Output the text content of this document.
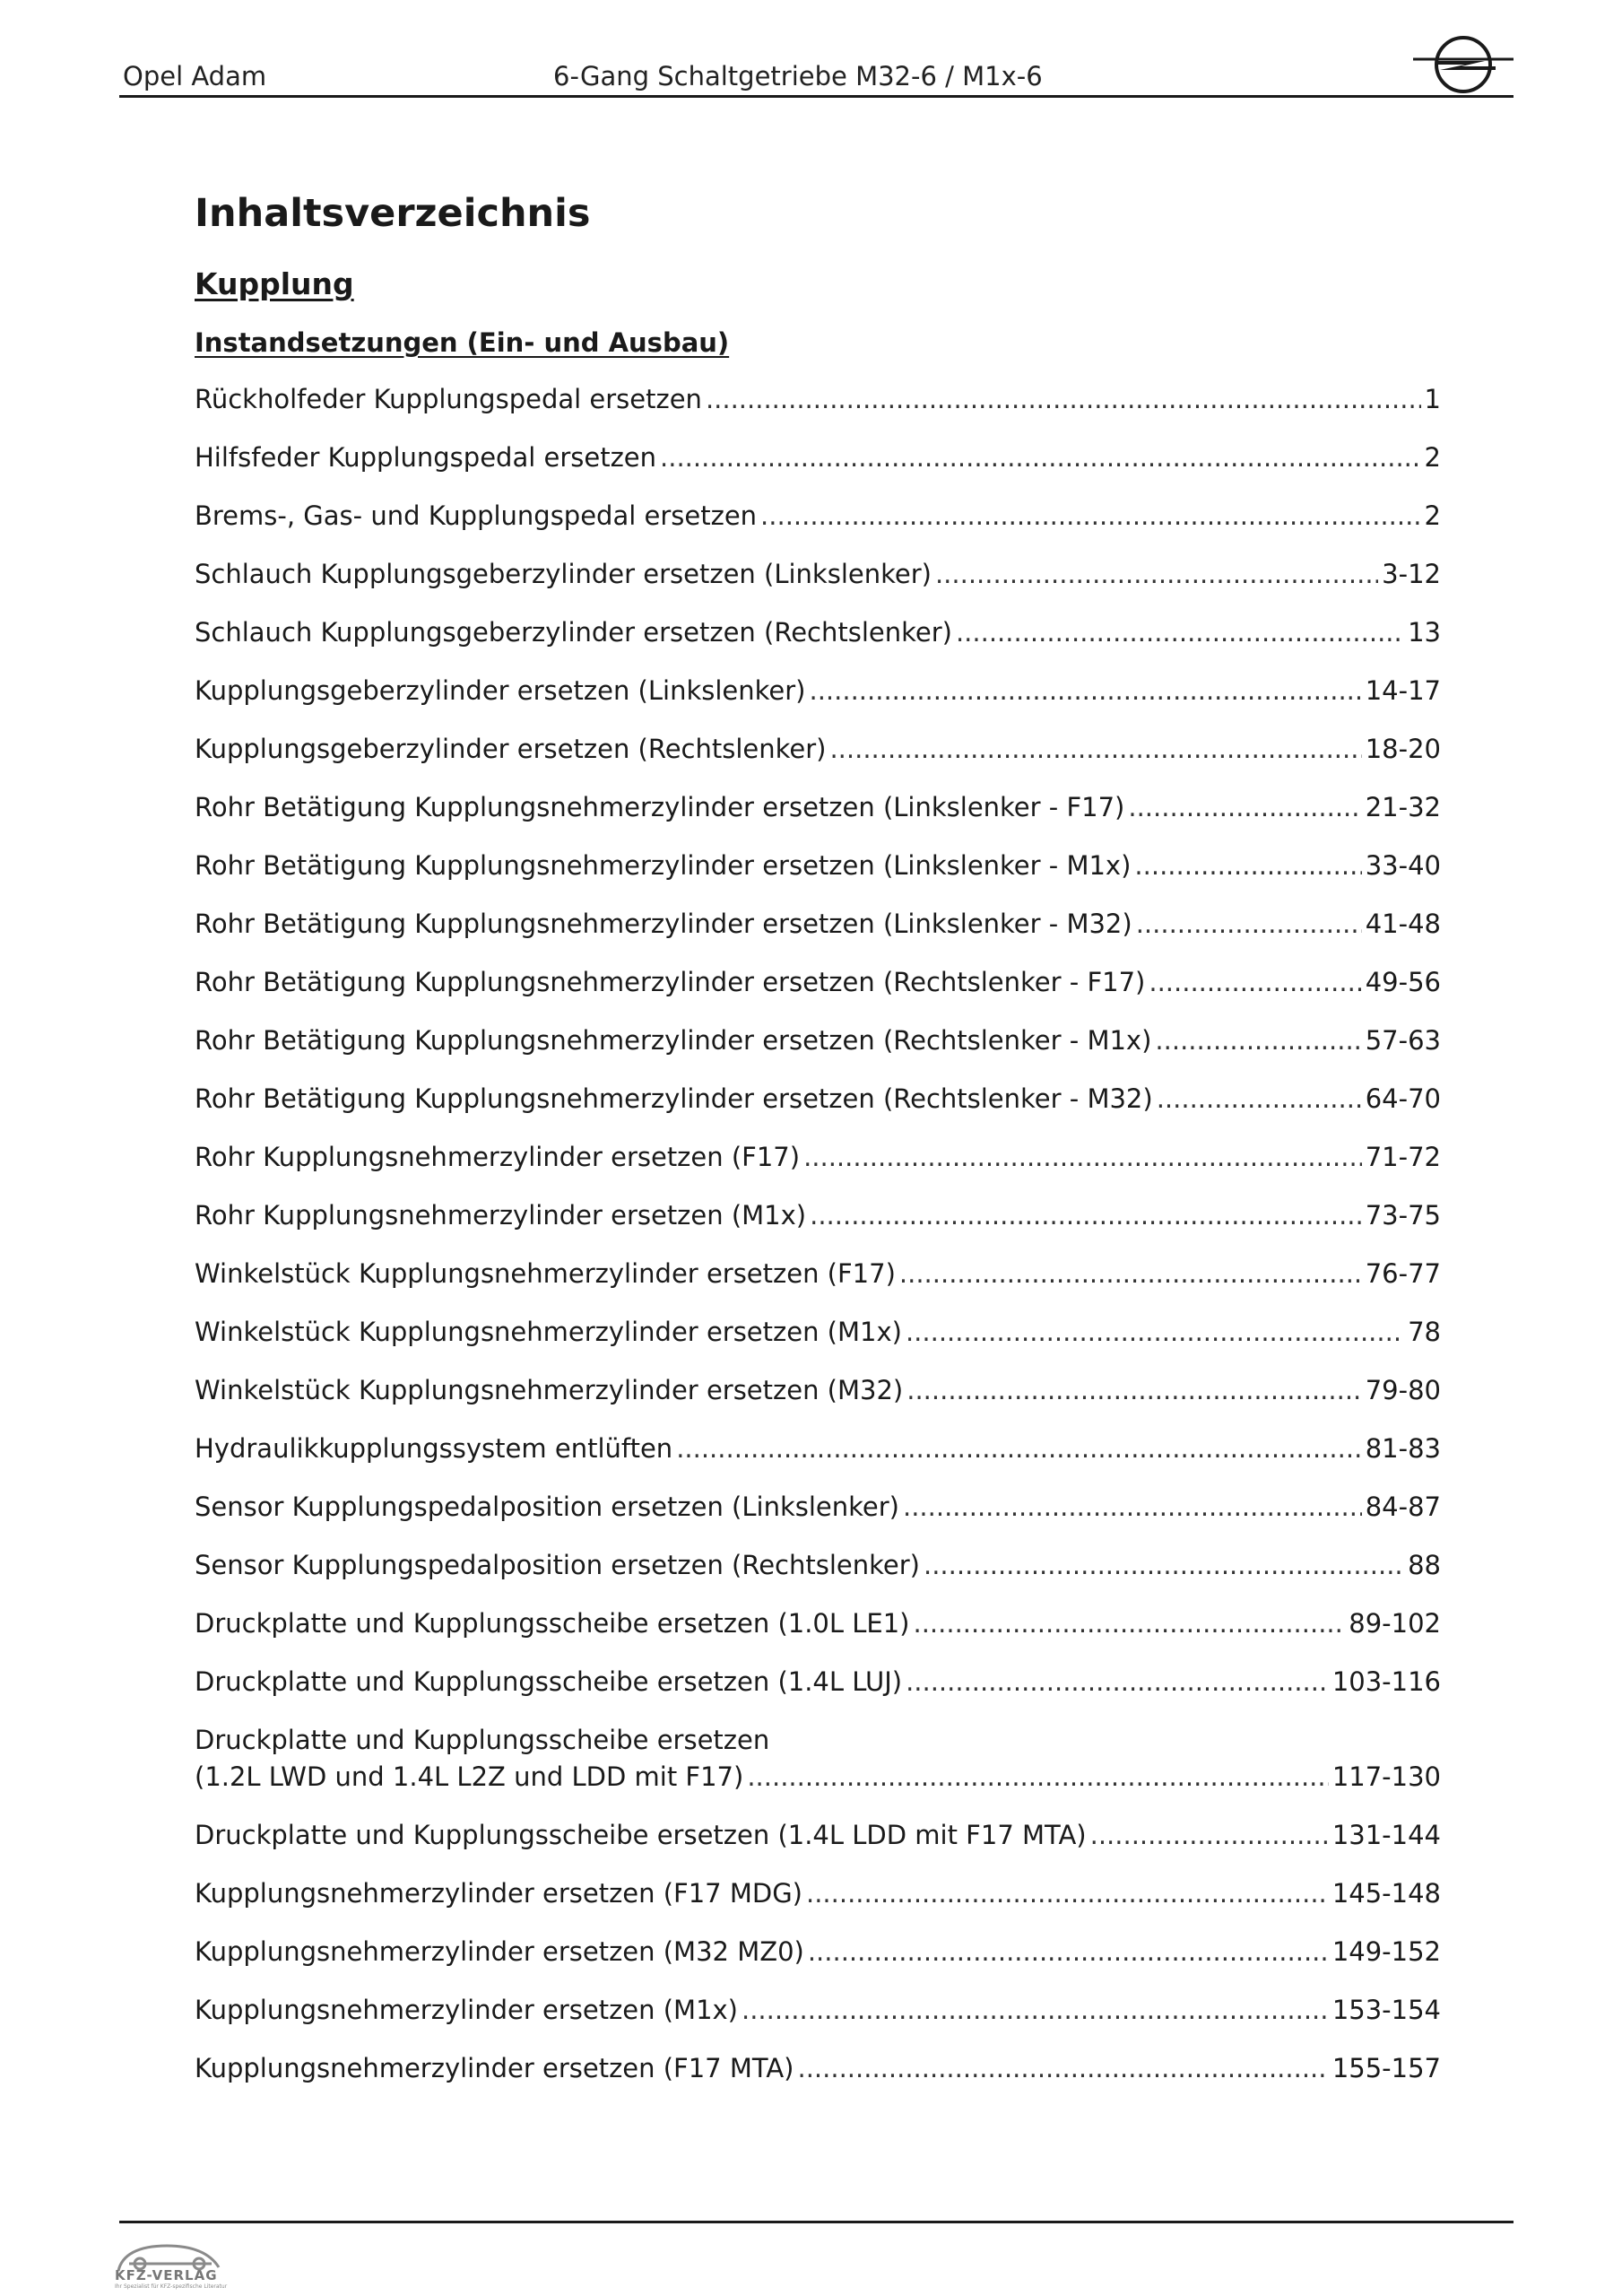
Opel Adam	6-Gang Schaltgetriebe M32-6 / M1x-6
Inhaltsverzeichnis
Kupplung
Instandsetzungen (Ein- und Ausbau)
Rückholfeder Kupplungspedal ersetzen .....	1
Hilfsfeder Kupplungspedal ersetzen .....	2
Brems-, Gas- und Kupplungspedal ersetzen .....	2
Schlauch Kupplungsgeberzylinder ersetzen (Linkslenker) .....	3-12
Schlauch Kupplungsgeberzylinder ersetzen (Rechtslenker) .....	13
Kupplungsgeberzylinder ersetzen (Linkslenker) .....	14-17
Kupplungsgeberzylinder ersetzen (Rechtslenker) .....	18-20
Rohr Betätigung Kupplungsnehmerzylinder ersetzen (Linkslenker - F17) .....	21-32
Rohr Betätigung Kupplungsnehmerzylinder ersetzen (Linkslenker - M1x) .....	33-40
Rohr Betätigung Kupplungsnehmerzylinder ersetzen (Linkslenker - M32) .....	41-48
Rohr Betätigung Kupplungsnehmerzylinder ersetzen (Rechtslenker - F17) .....	49-56
Rohr Betätigung Kupplungsnehmerzylinder ersetzen (Rechtslenker - M1x) .....	57-63
Rohr Betätigung Kupplungsnehmerzylinder ersetzen (Rechtslenker - M32) .....	64-70
Rohr Kupplungsnehmerzylinder ersetzen (F17) .....	71-72
Rohr Kupplungsnehmerzylinder ersetzen (M1x) .....	73-75
Winkelstück Kupplungsnehmerzylinder ersetzen (F17) .....	76-77
Winkelstück Kupplungsnehmerzylinder ersetzen (M1x) .....	78
Winkelstück Kupplungsnehmerzylinder ersetzen (M32) .....	79-80
Hydraulikkupplungssystem entlüften .....	81-83
Sensor Kupplungspedalposition ersetzen (Linkslenker) .....	84-87
Sensor Kupplungspedalposition ersetzen (Rechtslenker) .....	88
Druckplatte und Kupplungsscheibe ersetzen (1.0L LE1) .....	89-102
Druckplatte und Kupplungsscheibe ersetzen (1.4L LUJ) .....	103-116
Druckplatte und Kupplungsscheibe ersetzen
(1.2L LWD und 1.4L L2Z und LDD mit F17) .....	117-130
Druckplatte und Kupplungsscheibe ersetzen (1.4L LDD mit F17 MTA) .....	131-144
Kupplungsnehmerzylinder ersetzen (F17 MDG) .....	145-148
Kupplungsnehmerzylinder ersetzen (M32 MZ0) .....	149-152
Kupplungsnehmerzylinder ersetzen (M1x) .....	153-154
Kupplungsnehmerzylinder ersetzen (F17 MTA) .....	155-157
KFZ-VERLAG
Ihr Spezialist für KFZ-spezifische Literatur
